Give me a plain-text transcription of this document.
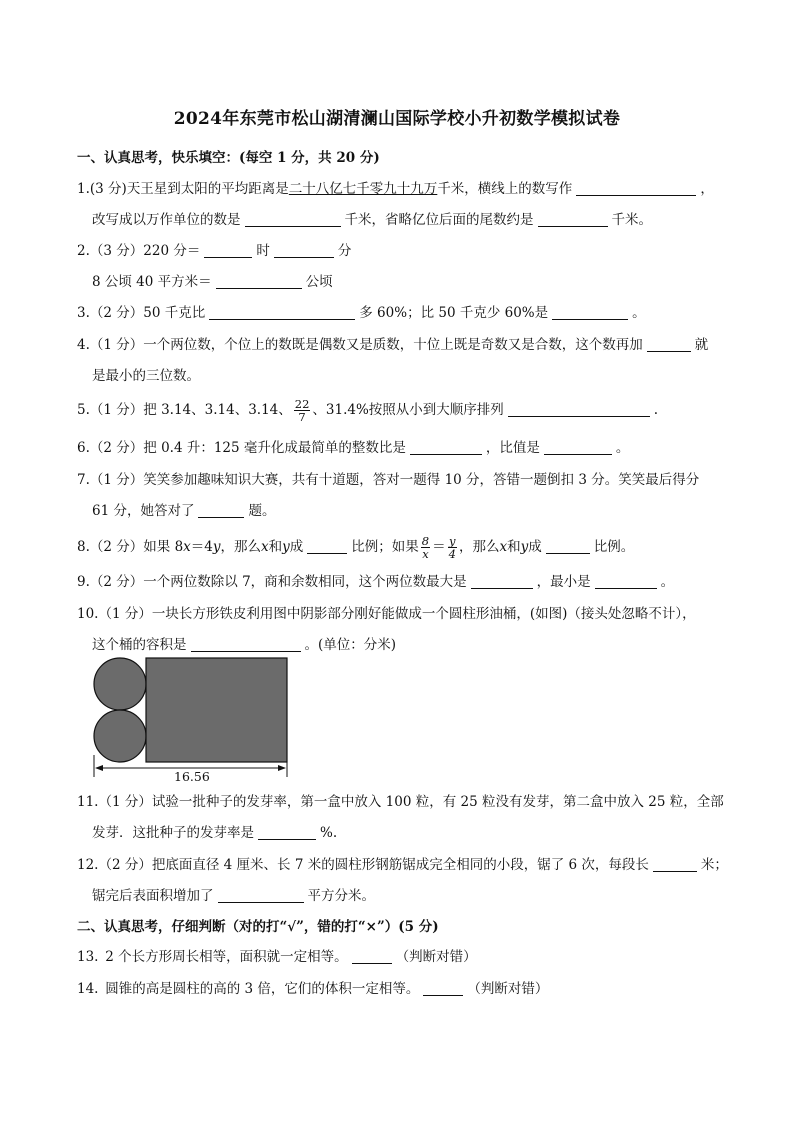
2024年东莞市松山湖清澜山国际学校小升初数学模拟试卷
一、认真思考，快乐填空：(每空 1 分，共 20 分)
1.(3 分)天王星到太阳的平均距离是二十八亿七千零九十九万千米，横线上的数写作	，
改写成以万作单位的数是	千米，省略亿位后面的尾数约是	千米。
2.（3 分）220 分＝	时	分
8 公顷 40 平方米＝	公顷
3.（2 分）50 千克比	多 60%；比 50 千克少 60%是	。
4.（1 分）一个两位数，个位上的数既是偶数又是质数，十位上既是奇数又是合数，这个数再加	就
是最小的三位数。
5.（1 分）把 3.14、3.14、3.14、 $\frac{22}{7}$ 、31.4%按照从小到大顺序排列	.
6.（2 分）把 0.4 升：125 毫升化成最简单的整数比是	，比值是	。
7.（1 分）笑笑参加趣味知识大赛，共有十道题，答对一题得 10 分，答错一题倒扣 3 分。笑笑最后得分
61 分，她答对了	题。
8.（2 分）如果 8x＝4y，那么x和y成	比例；如果 $\frac{8}{x} = \frac{y}{4}$ ，那么x和y成	比例。
9.（2 分）一个两位数除以 7，商和余数相同，这个两位数最大是	，最小是	。
10.（1 分）一块长方形铁皮利用图中阴影部分刚好能做成一个圆柱形油桶，(如图)（接头处忽略不计），
这个桶的容积是	。(单位：分米)
16.56
11.（1 分）试验一批种子的发芽率，第一盒中放入 100 粒，有 25 粒没有发芽，第二盒中放入 25 粒，全部
发芽．这批种子的发芽率是	%.
12.（2 分）把底面直径 4 厘米、长 7 米的圆柱形钢筋锯成完全相同的小段，锯了 6 次，每段长	米；
锯完后表面积增加了	平方分米。
二、认真思考，仔细判断（对的打“√”，错的打“×”）(5 分)
13.  2 个长方形周长相等，面积就一定相等。	（判断对错）
14.  圆锥的高是圆柱的高的 3 倍，它们的体积一定相等。	（判断对错）
